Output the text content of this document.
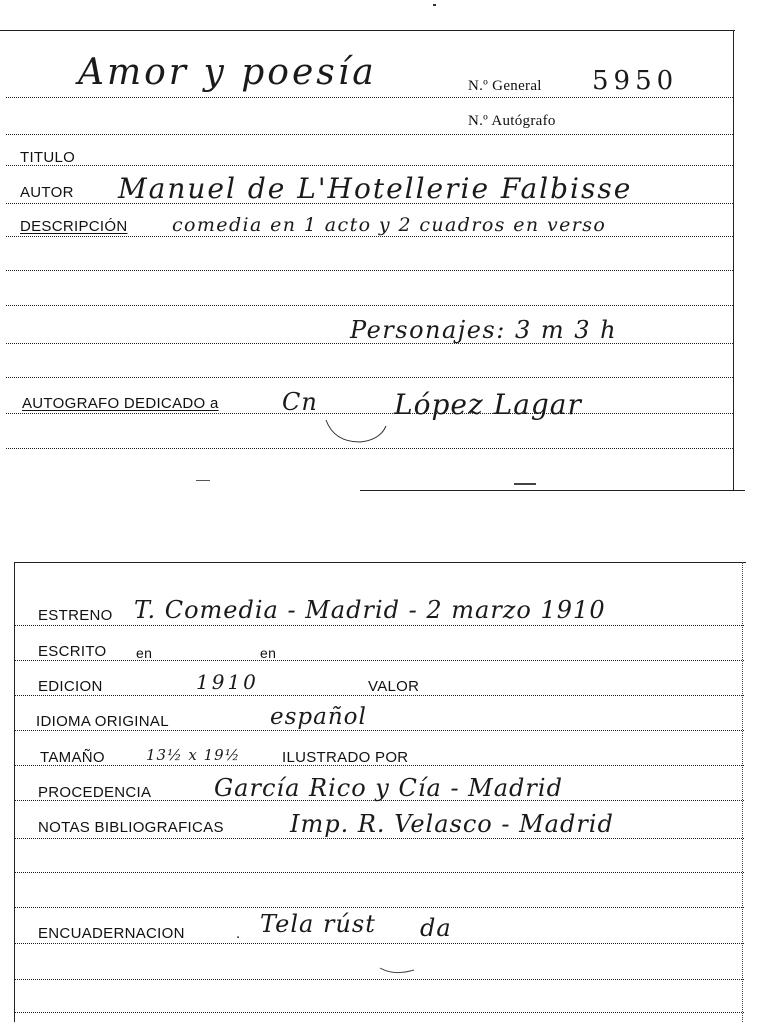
Amor y poesía	N.º General 5950
N.º Autógrafo
TITULO
AUTOR Manuel de L'Hotellerie Falbisse
DESCRIPCIÓN comedia en 1 acto y 2 cuadros en verso
Personajes: 3 m 3 h
AUTOGRAFO DEDICADO a	Cn	López Lagar
ESTRENO T. Comedia - Madrid - 2 marzo 1910
ESCRITO en	en
EDICION	1910	VALOR
IDIOMA ORIGINAL	español
TAMAÑO	13½ x 19½	ILUSTRADO POR
PROCEDENCIA	García Rico y Cía - Madrid
NOTAS BIBLIOGRAFICAS	Imp. R. Velasco - Madrid
ENCUADERNACION	. Tela rúst da
